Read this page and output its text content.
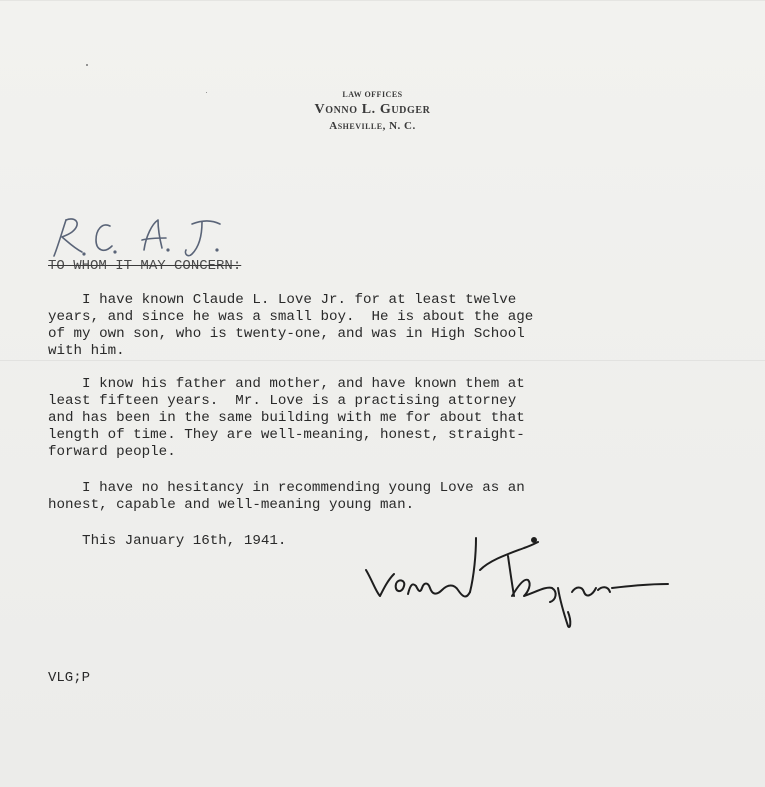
LAW OFFICES
Vonno L. Gudger
Asheville, N. C.
TO WHOM IT MAY CONCERN:
I have known Claude L. Love Jr. for at least twelve
years, and since he was a small boy.  He is about the age
of my own son, who is twenty-one, and was in High School
with him.
I know his father and mother, and have known them at
least fifteen years.  Mr. Love is a practising attorney
and has been in the same building with me for about that
length of time. They are well-meaning, honest, straight-
forward people.
I have no hesitancy in recommending young Love as an
honest, capable and well-meaning young man.
This January 16th, 1941.
VLG;P
